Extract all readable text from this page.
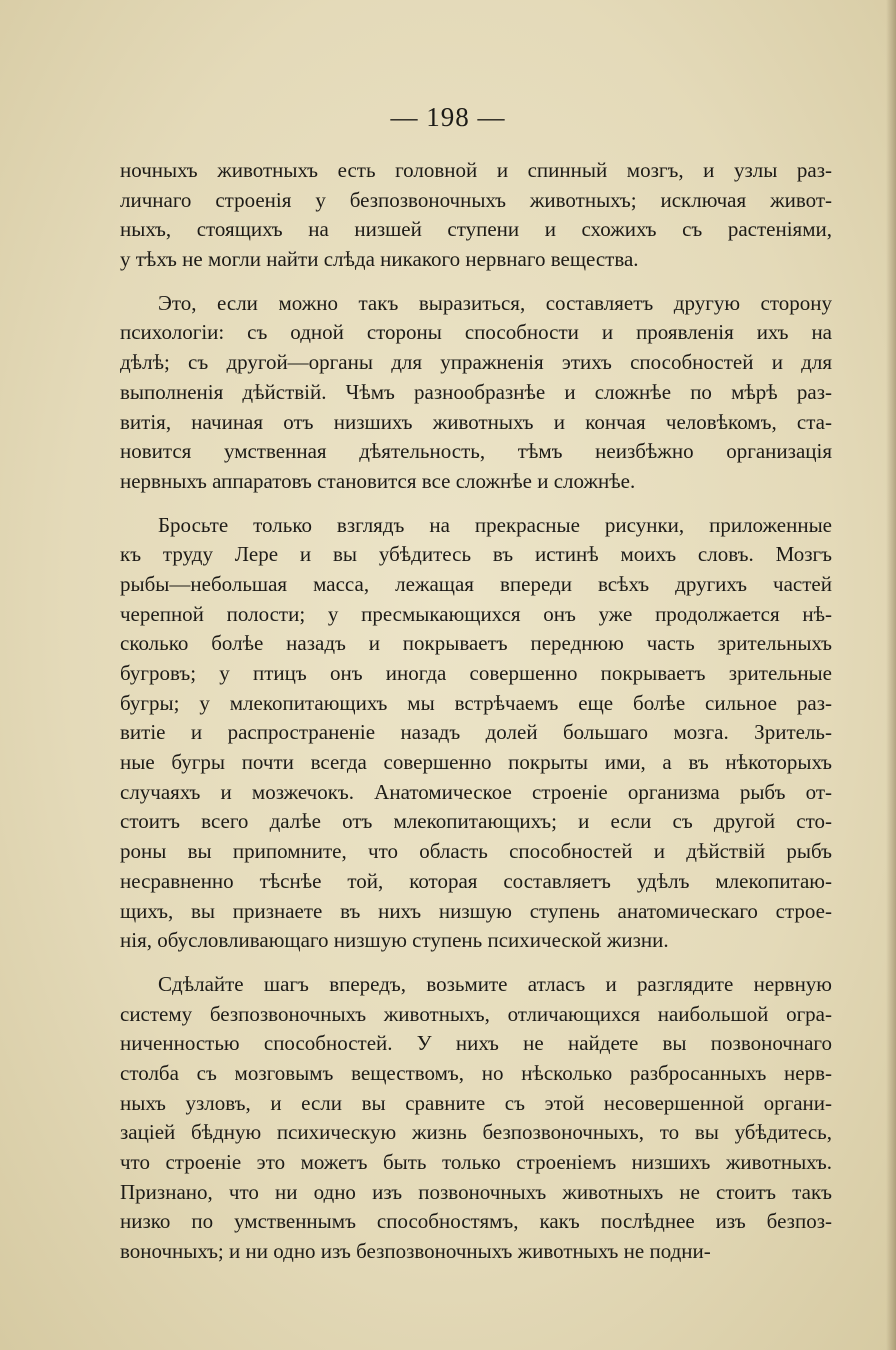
— 198 —
ночныхъ животныхъ есть головной и спинный мозгъ, и узлы раз-
личнаго строенія у безпозвоночныхъ животныхъ; исключая живот-
ныхъ, стоящихъ на низшей ступени и схожихъ съ растеніями,
у тѣхъ не могли найти слѣда никакого нервнаго вещества.
Это, если можно такъ выразиться, составляетъ другую сторону
психологіи: съ одной стороны способности и проявленія ихъ на
дѣлѣ; съ другой—органы для упражненія этихъ способностей и для
выполненія дѣйствій. Чѣмъ разнообразнѣе и сложнѣе по мѣрѣ раз-
витія, начиная отъ низшихъ животныхъ и кончая человѣкомъ, ста-
новится умственная дѣятельность, тѣмъ неизбѣжно организація
нервныхъ аппаратовъ становится все сложнѣе и сложнѣе.
Бросьте только взглядъ на прекрасные рисунки, приложенные
къ труду Лере и вы убѣдитесь въ истинѣ моихъ словъ. Мозгъ
рыбы—небольшая масса, лежащая впереди всѣхъ другихъ частей
черепной полости; у пресмыкающихся онъ уже продолжается нѣ-
сколько болѣе назадъ и покрываетъ переднюю часть зрительныхъ
бугровъ; у птицъ онъ иногда совершенно покрываетъ зрительные
бугры; у млекопитающихъ мы встрѣчаемъ еще болѣе сильное раз-
витіе и распространеніе назадъ долей большаго мозга. Зритель-
ные бугры почти всегда совершенно покрыты ими, а въ нѣкоторыхъ
случаяхъ и мозжечокъ. Анатомическое строеніе организма рыбъ от-
стоитъ всего далѣе отъ млекопитающихъ; и если съ другой сто-
роны вы припомните, что область способностей и дѣйствій рыбъ
несравненно тѣснѣе той, которая составляетъ удѣлъ млекопитаю-
щихъ, вы признаете въ нихъ низшую ступень анатомическаго строе-
нія, обусловливающаго низшую ступень психической жизни.
Сдѣлайте шагъ впередъ, возьмите атласъ и разглядите нервную
систему безпозвоночныхъ животныхъ, отличающихся наибольшой огра-
ниченностью способностей. У нихъ не найдете вы позвоночнаго
столба съ мозговымъ веществомъ, но нѣсколько разбросанныхъ нерв-
ныхъ узловъ, и если вы сравните съ этой несовершенной органи-
заціей бѣдную психическую жизнь безпозвоночныхъ, то вы убѣдитесь,
что строеніе это можетъ быть только строеніемъ низшихъ животныхъ.
Признано, что ни одно изъ позвоночныхъ животныхъ не стоитъ такъ
низко по умственнымъ способностямъ, какъ послѣднее изъ безпоз-
воночныхъ; и ни одно изъ безпозвоночныхъ животныхъ не подни-
